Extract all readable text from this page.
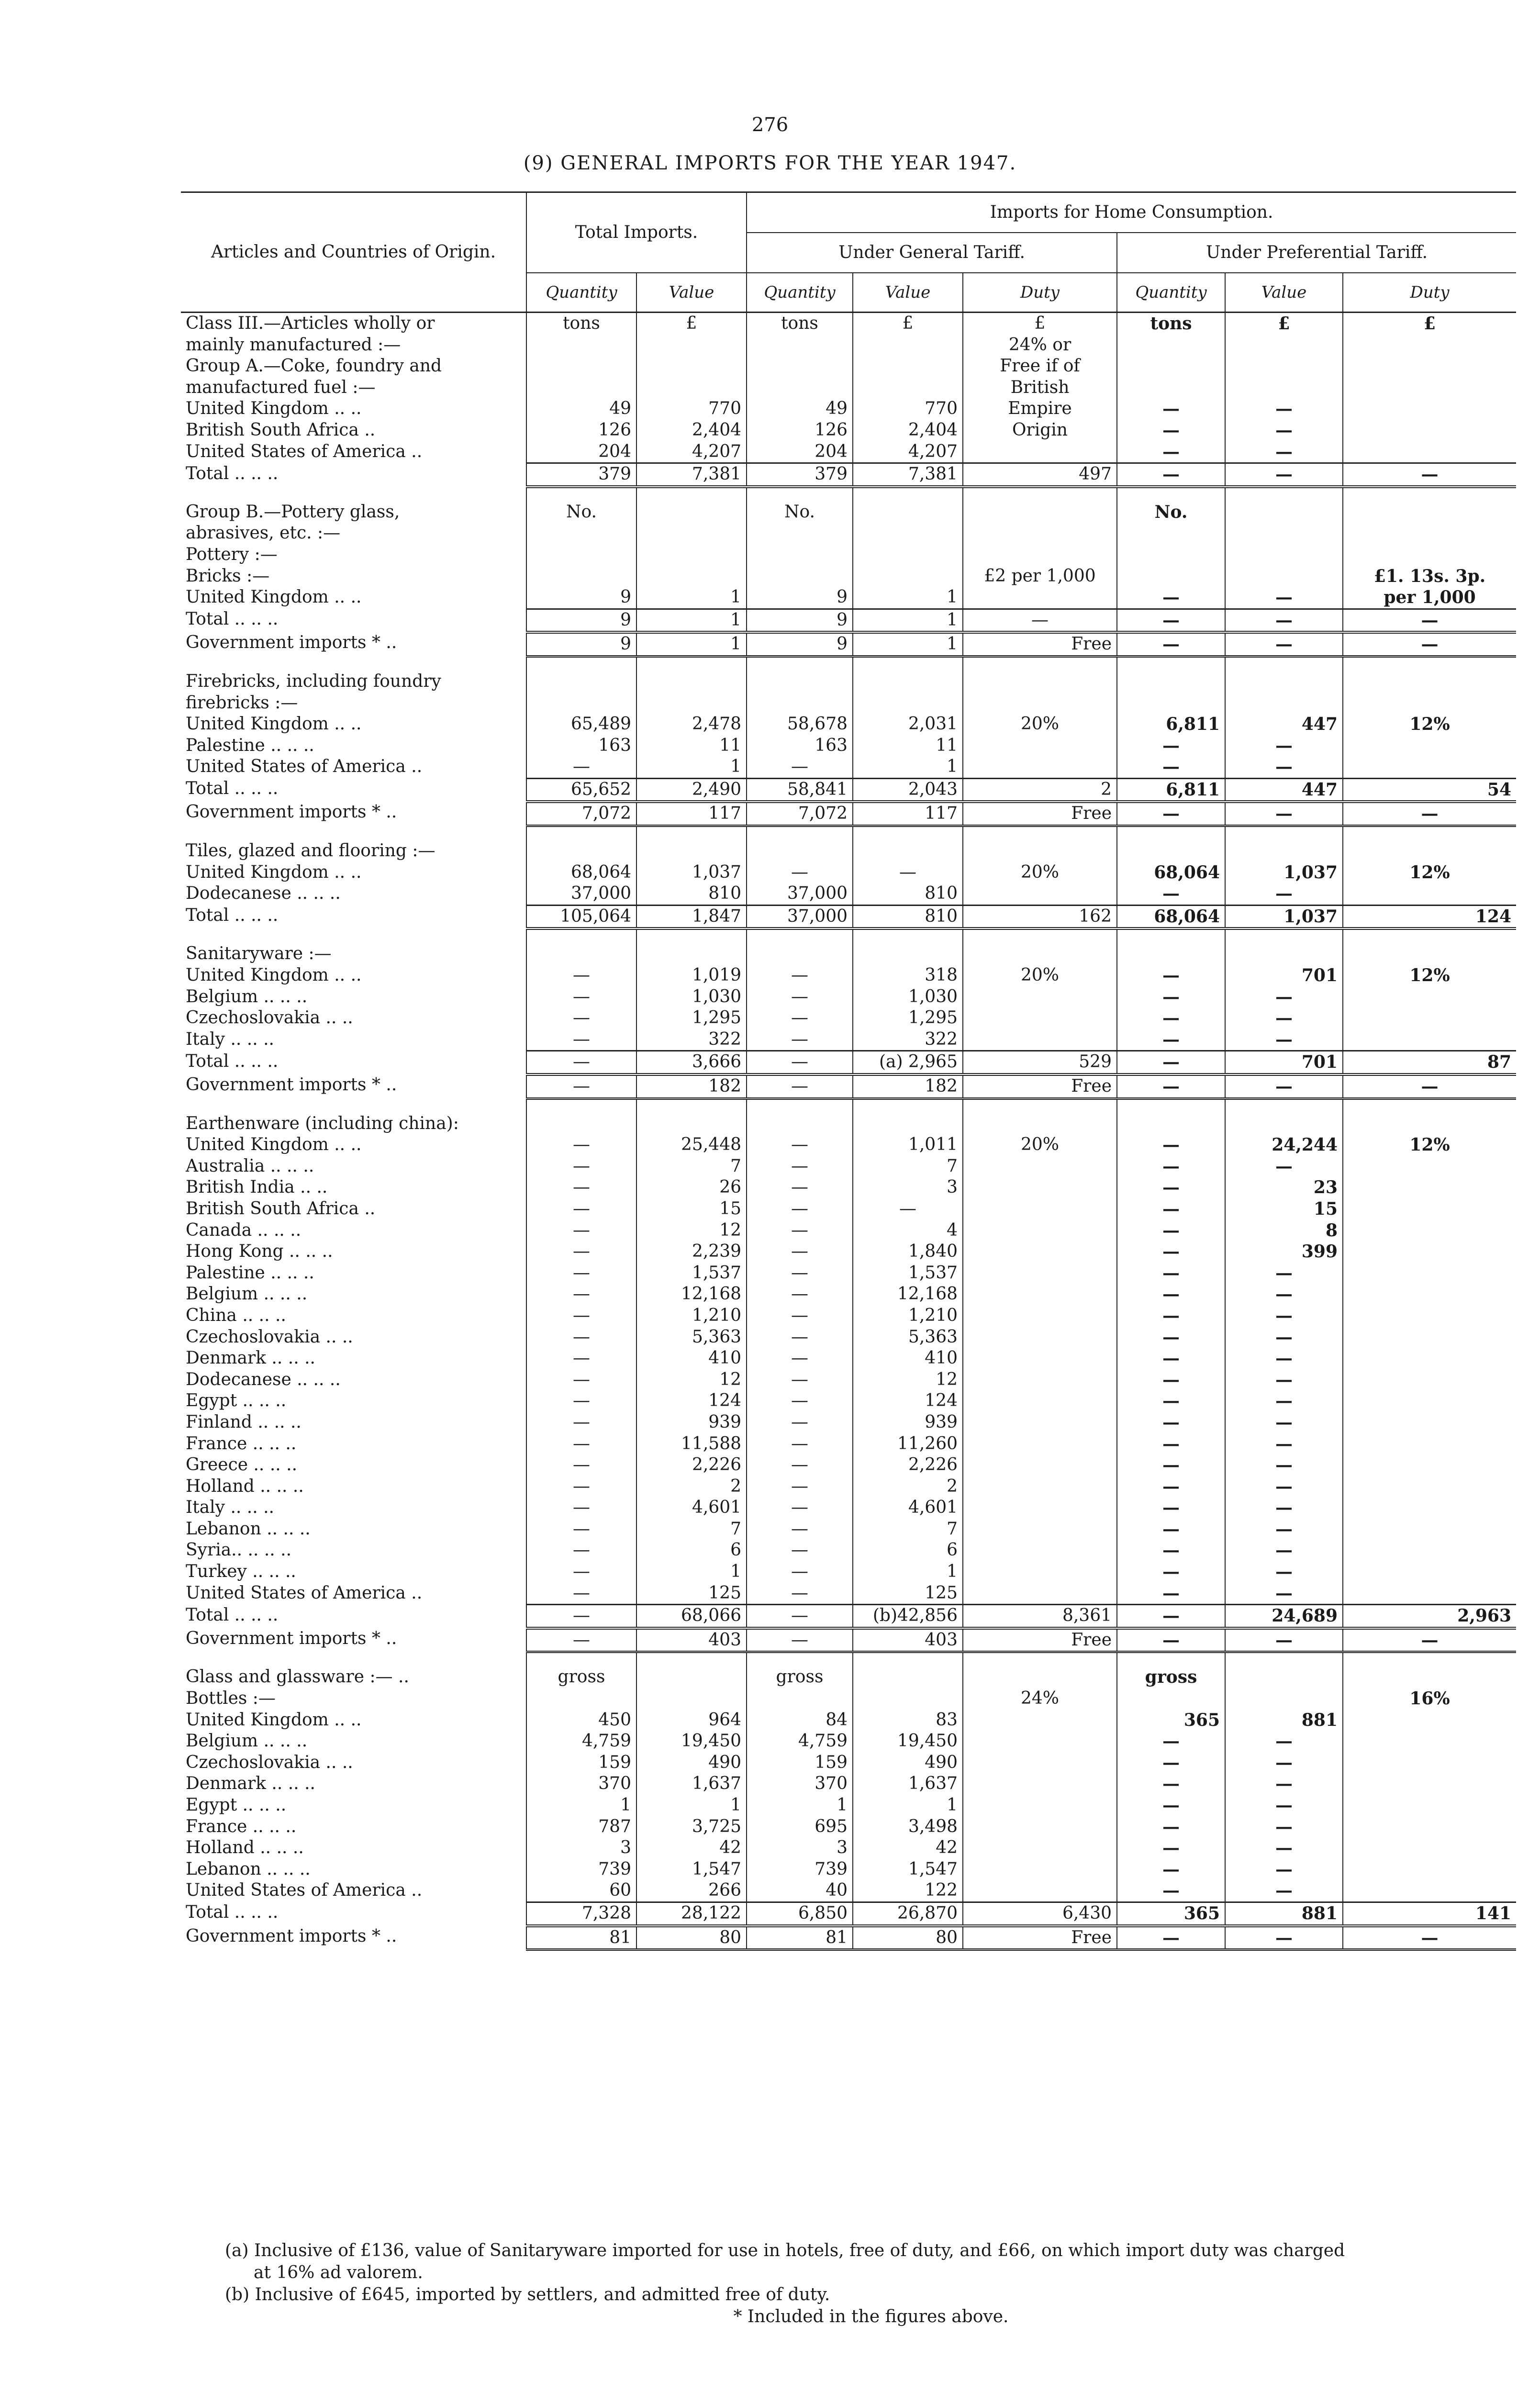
276
(9) GENERAL IMPORTS FOR THE YEAR 1947.

Articles and Countries of Origin.	Total Imports.		Imports for Home Consumption.					
			Under General Tariff.			Under Preferential Tariff.		
	Quantity	Value	Quantity	Value	Duty	Quantity	Value	Duty
Class III.—Articles wholly or	tons	£	tons	£	£	tons	£	£
mainly manufactured :—					24% or			
Group A.—Coke, foundry and					Free if of			
manufactured fuel :—					British			
United Kingdom .. ..	49	770	49	770	Empire	—	—	
British South Africa ..	126	2,404	126	2,404	Origin	—	—	
United States of America ..	204	4,207	204	4,207		—	—	
Total .. .. ..	379	7,381	379	7,381	497	—	—	—

Group B.—Pottery glass,	No.		No.			No.		
abrasives, etc. :—								
Pottery :—								
Bricks :—					£2 per 1,000			£1. 13s. 3p.
United Kingdom .. ..	9	1	9	1		—	—	per 1,000
Total .. .. ..	9	1	9	1	—	—	—	—
Government imports * ..	9	1	9	1	Free	—	—	—

Firebricks, including foundry								
firebricks :—								
United Kingdom .. ..	65,489	2,478	58,678	2,031	20%	6,811	447	12%
Palestine .. .. ..	163	11	163	11		—	—	
United States of America ..	—	1	—	1		—	—	
Total .. .. ..	65,652	2,490	58,841	2,043	2	6,811	447	54
Government imports * ..	7,072	117	7,072	117	Free	—	—	—

Tiles, glazed and flooring :—								
United Kingdom .. ..	68,064	1,037	—	—	20%	68,064	1,037	12%
Dodecanese .. .. ..	37,000	810	37,000	810		—	—	
Total .. .. ..	105,064	1,847	37,000	810	162	68,064	1,037	124

Sanitaryware :—								
United Kingdom .. ..	—	1,019	—	318	20%	—	701	12%
Belgium .. .. ..	—	1,030	—	1,030		—	—	
Czechoslovakia .. ..	—	1,295	—	1,295		—	—	
Italy .. .. ..	—	322	—	322		—	—	
Total .. .. ..	—	3,666	—	(a) 2,965	529	—	701	87
Government imports * ..	—	182	—	182	Free	—	—	—

Earthenware (including china):								
United Kingdom .. ..	—	25,448	—	1,011	20%	—	24,244	12%
Australia .. .. ..	—	7	—	7		—	—	
British India .. ..	—	26	—	3		—	23	
British South Africa ..	—	15	—	—		—	15	
Canada .. .. ..	—	12	—	4		—	8	
Hong Kong .. .. ..	—	2,239	—	1,840		—	399	
Palestine .. .. ..	—	1,537	—	1,537		—	—	
Belgium .. .. ..	—	12,168	—	12,168		—	—	
China .. .. ..	—	1,210	—	1,210		—	—	
Czechoslovakia .. ..	—	5,363	—	5,363		—	—	
Denmark .. .. ..	—	410	—	410		—	—	
Dodecanese .. .. ..	—	12	—	12		—	—	
Egypt .. .. ..	—	124	—	124		—	—	
Finland .. .. ..	—	939	—	939		—	—	
France .. .. ..	—	11,588	—	11,260		—	—	
Greece .. .. ..	—	2,226	—	2,226		—	—	
Holland .. .. ..	—	2	—	2		—	—	
Italy .. .. ..	—	4,601	—	4,601		—	—	
Lebanon .. .. ..	—	7	—	7		—	—	
Syria.. .. .. ..	—	6	—	6		—	—	
Turkey .. .. ..	—	1	—	1		—	—	
United States of America ..	—	125	—	125		—	—	
Total .. .. ..	—	68,066	—	(b)42,856	8,361	—	24,689	2,963
Government imports * ..	—	403	—	403	Free	—	—	—

Glass and glassware :— ..	gross		gross			gross		
Bottles :—					24%			16%
United Kingdom .. ..	450	964	84	83		365	881	
Belgium .. .. ..	4,759	19,450	4,759	19,450		—	—	
Czechoslovakia .. ..	159	490	159	490		—	—	
Denmark .. .. ..	370	1,637	370	1,637		—	—	
Egypt .. .. ..	1	1	1	1		—	—	
France .. .. ..	787	3,725	695	3,498		—	—	
Holland .. .. ..	3	42	3	42		—	—	
Lebanon .. .. ..	739	1,547	739	1,547		—	—	
United States of America ..	60	266	40	122		—	—	
Total .. .. ..	7,328	28,122	6,850	26,870	6,430	365	881	141
Government imports * ..	81	80	81	80	Free	—	—	—

(a) Inclusive of £136, value of Sanitaryware imported for use in hotels, free of duty, and £66, on which import duty was charged

at 16% ad valorem.

(b) Inclusive of £645, imported by settlers, and admitted free of duty.

* Included in the figures above.
